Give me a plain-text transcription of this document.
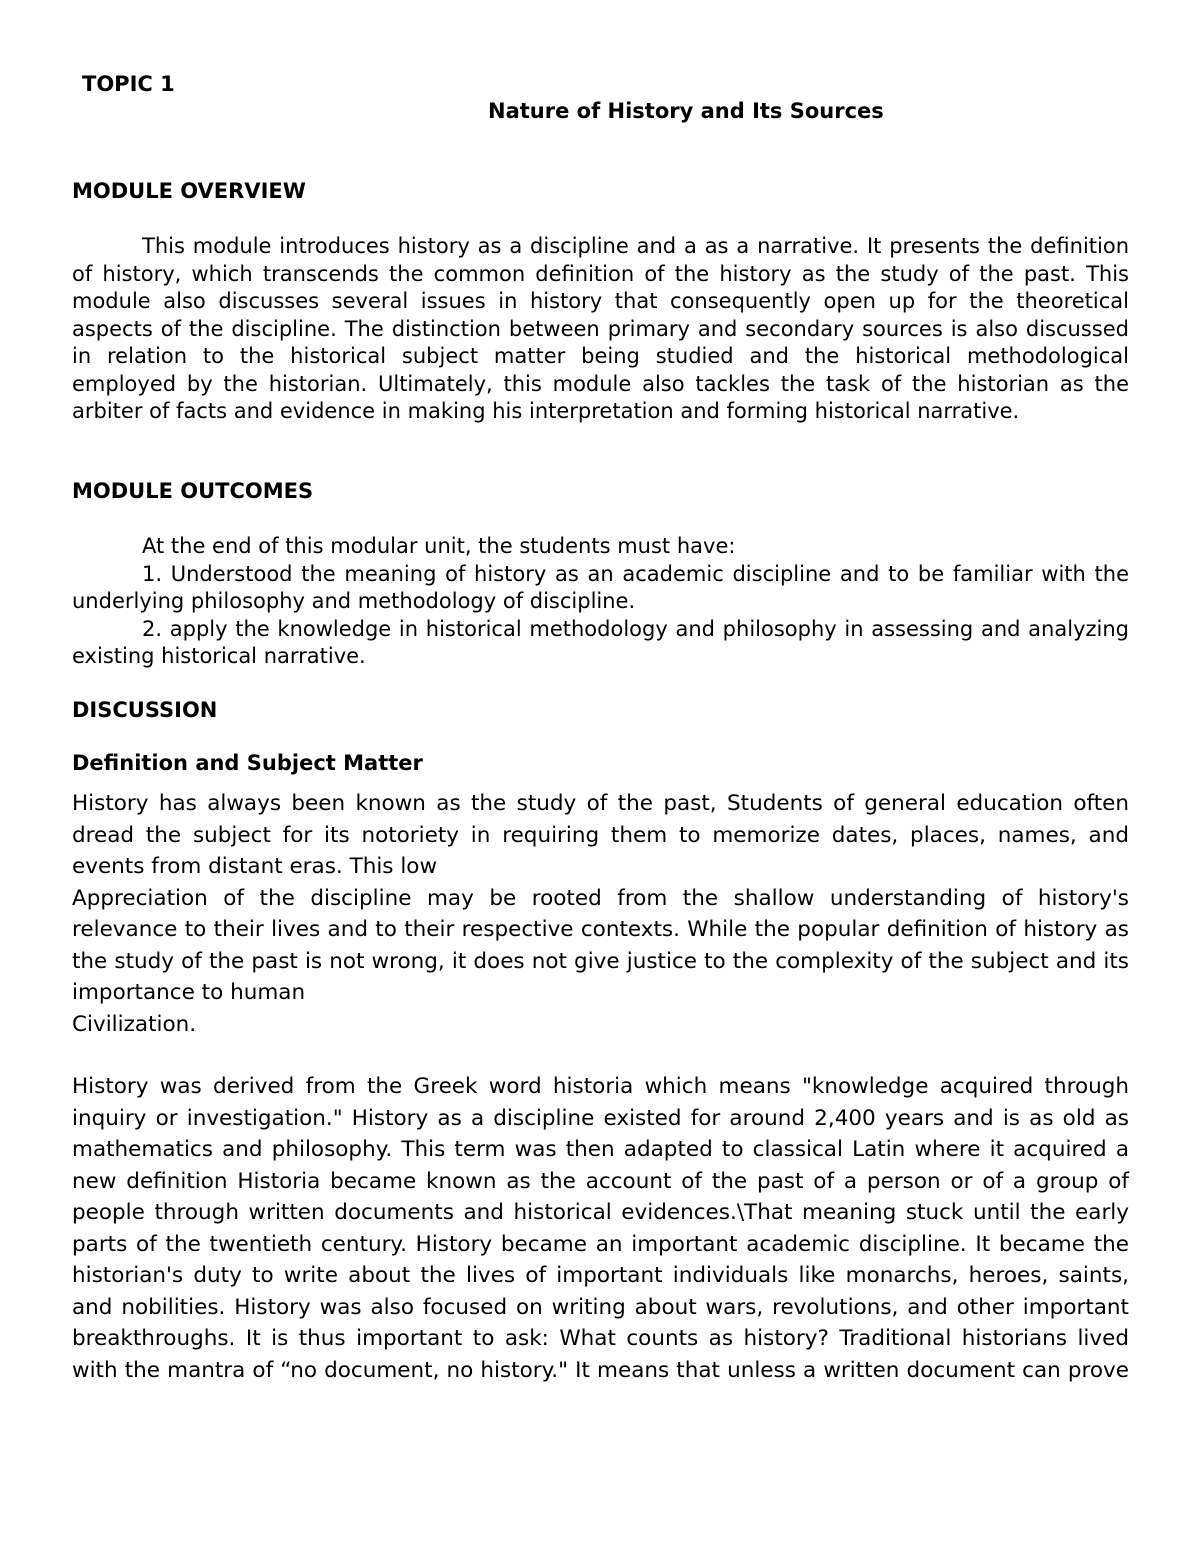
TOPIC 1
Nature of History and Its Sources
MODULE OVERVIEW

This module introduces history as a discipline and a as a narrative. It presents the definition of history, which transcends the common definition of the history as the study of the past. This module also discusses several issues in history that consequently open up for the theoretical aspects of the discipline. The distinction between primary and secondary sources is also discussed in relation to the historical subject matter being studied and the historical methodological employed by the historian. Ultimately, this module also tackles the task of the historian as the arbiter of facts and evidence in making his interpretation and forming historical narrative.

MODULE OUTCOMES

At the end of this modular unit, the students must have:

1. Understood the meaning of history as an academic discipline and to be familiar with the underlying philosophy and methodology of discipline.

2. apply the knowledge in historical methodology and philosophy in assessing and analyzing existing historical narrative.

DISCUSSION
Definition and Subject Matter

History has always been known as the study of the past, Students of general education often dread the subject for its notoriety in requiring them to memorize dates, places, names, and events from distant eras. This low

Appreciation of the discipline may be rooted from the shallow understanding of history's relevance to their lives and to their respective contexts. While the popular definition of history as the study of the past is not wrong, it does not give justice to the complexity of the subject and its importance to human

Civilization.

History was derived from the Greek word historia which means "knowledge acquired through inquiry or investigation." History as a discipline existed for around 2,400 years and is as old as mathematics and philosophy. This term was then adapted to classical Latin where it acquired a new definition Historia became known as the account of the past of a person or of a group of people through written documents and historical evidences.\That meaning stuck until the early parts of the twentieth century. History became an important academic discipline. It became the historian's duty to write about the lives of important individuals like monarchs, heroes, saints, and nobilities. History was also focused on writing about wars, revolutions, and other important breakthroughs. It is thus important to ask: What counts as history? Traditional historians lived with the mantra of “no document, no history." It means that unless a written document can prove
